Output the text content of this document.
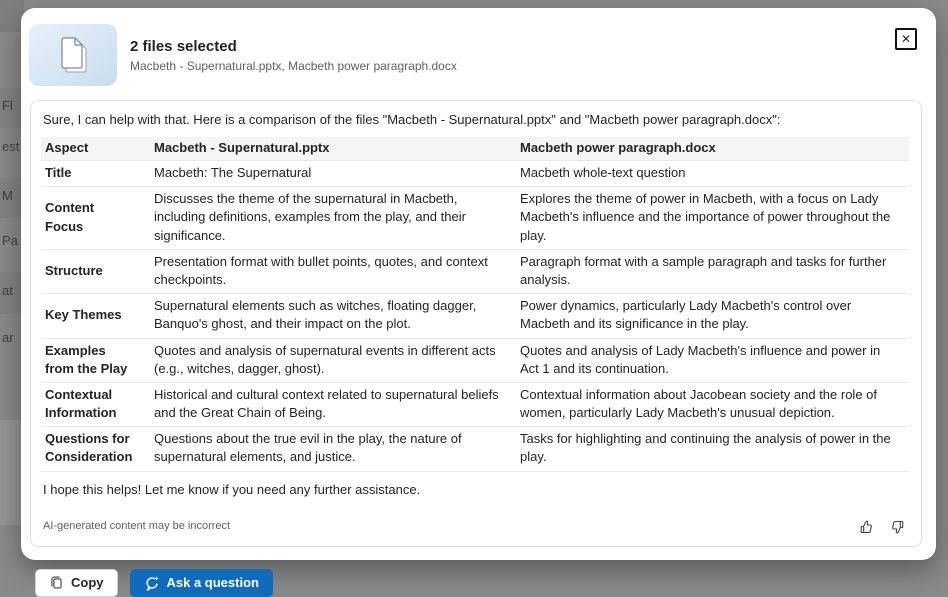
Fl
est
M
Pa
at
ar
2 files selected
Macbeth - Supernatural.pptx, Macbeth power paragraph.docx
✕

Sure, I can help with that. Here is a comparison of the files "Macbeth - Supernatural.pptx" and "Macbeth power paragraph.docx":

Aspect	Macbeth - Supernatural.pptx	Macbeth power paragraph.docx
Title	Macbeth: The Supernatural	Macbeth whole-text question
Content Focus	Discusses the theme of the supernatural in Macbeth, including definitions, examples from the play, and their significance.	Explores the theme of power in Macbeth, with a focus on Lady Macbeth's influence and the importance of power throughout the play.
Structure	Presentation format with bullet points, quotes, and context checkpoints.	Paragraph format with a sample paragraph and tasks for further analysis.
Key Themes	Supernatural elements such as witches, floating dagger, Banquo's ghost, and their impact on the plot.	Power dynamics, particularly Lady Macbeth's control over Macbeth and its significance in the play.
Examples from the Play	Quotes and analysis of supernatural events in different acts (e.g., witches, dagger, ghost).	Quotes and analysis of Lady Macbeth's influence and power in Act 1 and its continuation.
Contextual Information	Historical and cultural context related to supernatural beliefs and the Great Chain of Being.	Contextual information about Jacobean society and the role of women, particularly Lady Macbeth's unusual depiction.
Questions for Consideration	Questions about the true evil in the play, the nature of supernatural elements, and justice.	Tasks for highlighting and continuing the analysis of power in the play.

I hope this helps! Let me know if you need any further assistance.

AI-generated content may be incorrect
Copy	Ask a question
